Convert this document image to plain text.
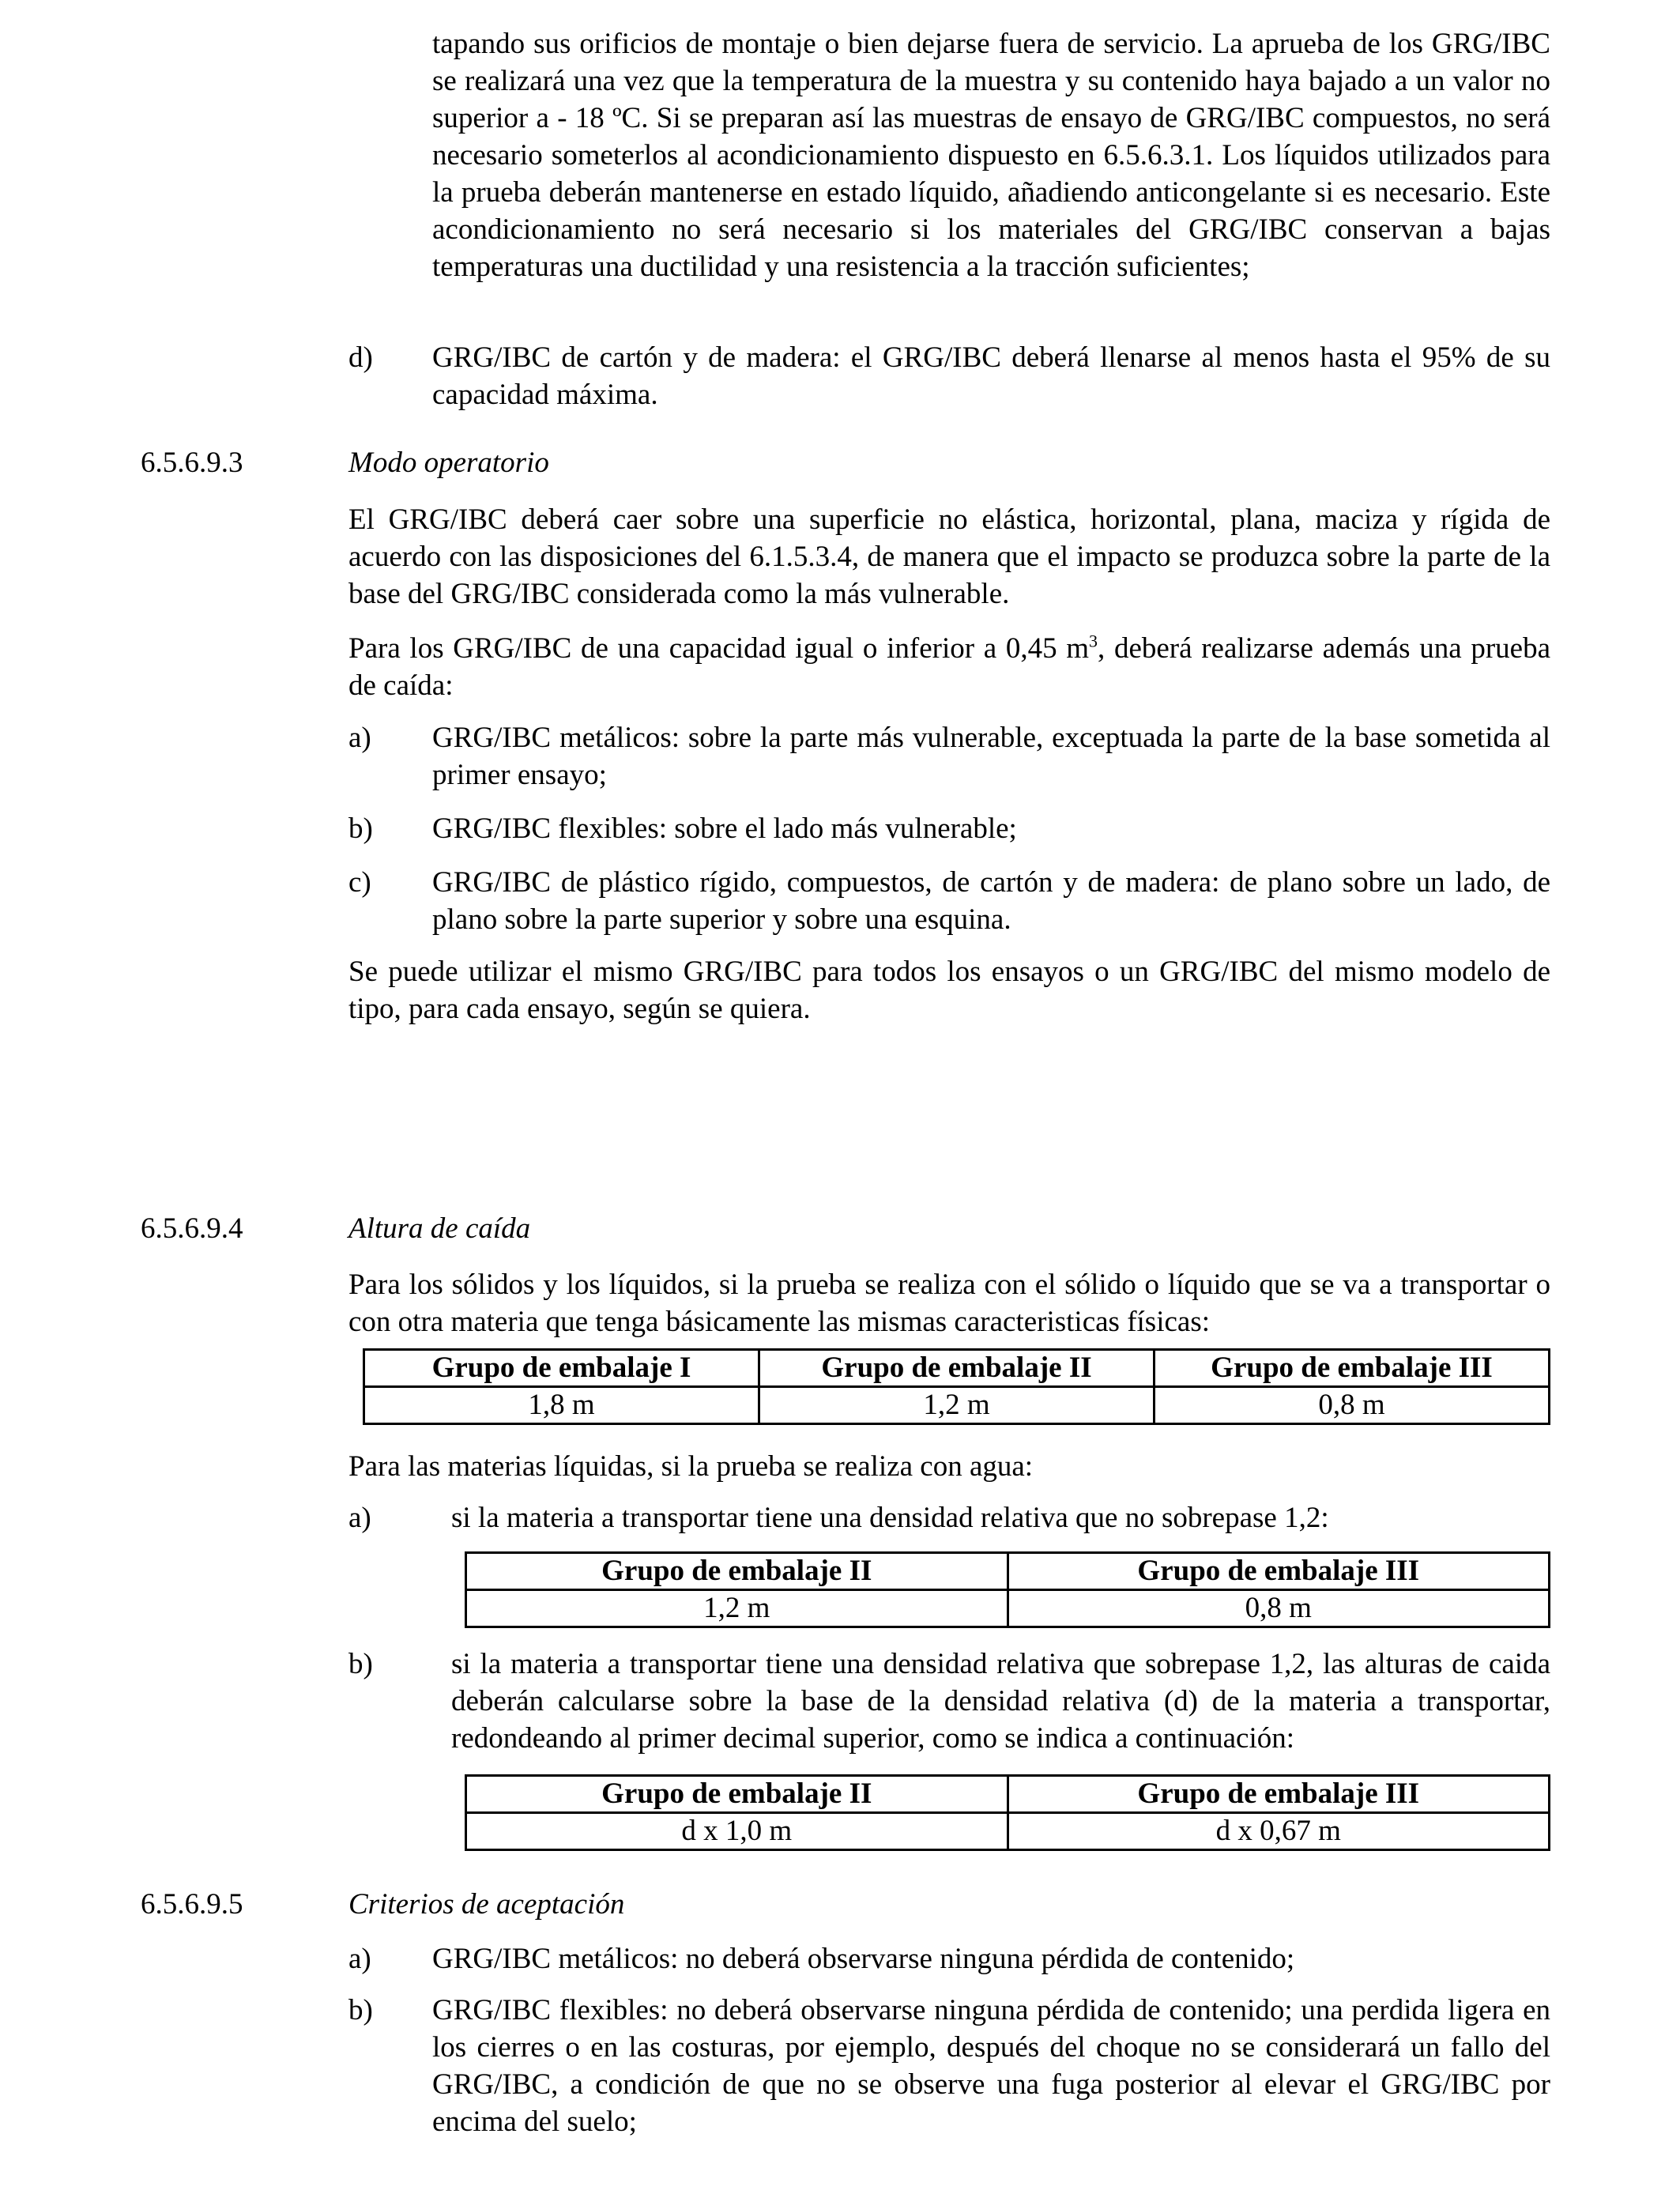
tapando sus orificios de montaje o bien dejarse fuera de servicio. La aprueba de los GRG/IBC se realizará una vez que la temperatura de la muestra y su contenido haya bajado a un valor no superior a - 18 ºC. Si se preparan así las muestras de ensayo de GRG/IBC compuestos, no será necesario someterlos al acondicionamiento dispuesto en 6.5.6.3.1. Los líquidos utilizados para la prueba deberán mantenerse en estado líquido, añadiendo anticongelante si es necesario. Este acondicionamiento no será necesario si los materiales del GRG/IBC conservan a bajas temperaturas una ductilidad y una resistencia a la tracción suficientes;
d) GRG/IBC de cartón y de madera: el GRG/IBC deberá llenarse al menos hasta el 95% de su capacidad máxima.
6.5.6.9.3	Modo operatorio
El GRG/IBC deberá caer sobre una superficie no elástica, horizontal, plana, maciza y rígida de acuerdo con las disposiciones del 6.1.5.3.4, de manera que el impacto se produzca sobre la parte de la base del GRG/IBC considerada como la más vulnerable.
Para los GRG/IBC de una capacidad igual o inferior a 0,45 $m^3$, deberá realizarse además una prueba de caída:
a) GRG/IBC metálicos: sobre la parte más vulnerable, exceptuada la parte de la base sometida al primer ensayo;
b) GRG/IBC flexibles: sobre el lado más vulnerable;
c) GRG/IBC de plástico rígido, compuestos, de cartón y de madera: de plano sobre un lado, de plano sobre la parte superior y sobre una esquina.
Se puede utilizar el mismo GRG/IBC para todos los ensayos o un GRG/IBC del mismo modelo de tipo, para cada ensayo, según se quiera.
6.5.6.9.4	Altura de caída
Para los sólidos y los líquidos, si la prueba se realiza con el sólido o líquido que se va a transportar o con otra materia que tenga básicamente las mismas caracteristicas físicas:
Grupo de embalaje I	Grupo de embalaje II	Grupo de embalaje III
1,8 m	1,2 m	0,8 m
Para las materias líquidas, si la prueba se realiza con agua:
a)	si la materia a transportar tiene una densidad relativa que no sobrepase 1,2:
Grupo de embalaje II	Grupo de embalaje III
1,2 m	0,8 m
b)	si la materia a transportar tiene una densidad relativa que sobrepase 1,2, las alturas de caida deberán calcularse sobre la base de la densidad relativa (d) de la materia a transportar, redondeando al primer decimal superior, como se indica a continuación:
Grupo de embalaje II	Grupo de embalaje III
d x 1,0 m	d x 0,67 m
6.5.6.9.5	Criterios de aceptación
a) GRG/IBC metálicos: no deberá observarse ninguna pérdida de contenido;
b) GRG/IBC flexibles: no deberá observarse ninguna pérdida de contenido; una perdida ligera en los cierres o en las costuras, por ejemplo, después del choque no se considerará un fallo del GRG/IBC, a condición de que no se observe una fuga posterior al elevar el GRG/IBC por encima del suelo;
